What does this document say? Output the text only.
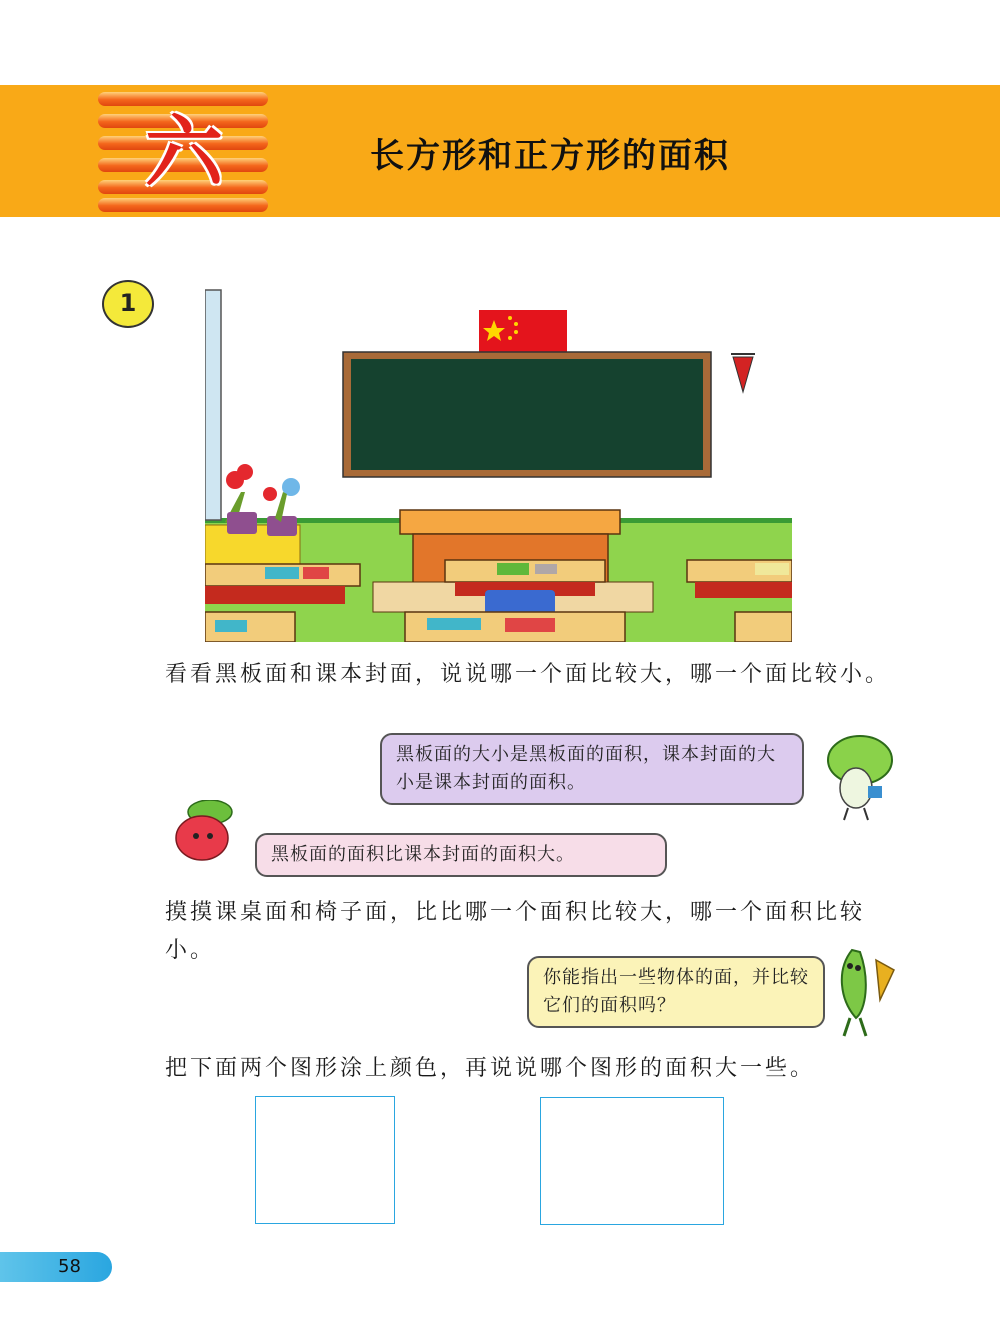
六	长方形和正方形的面积
1
看看黑板面和课本封面，说说哪一个面比较大，哪一个面比较小。
黑板面的大小是黑板面的面积，课本封面的大小是课本封面的面积。
黑板面的面积比课本封面的面积大。
摸摸课桌面和椅子面，比比哪一个面积比较大，哪一个面积比较小。
你能指出一些物体的面，并比较它们的面积吗？
把下面两个图形涂上颜色，再说说哪个图形的面积大一些。
58
